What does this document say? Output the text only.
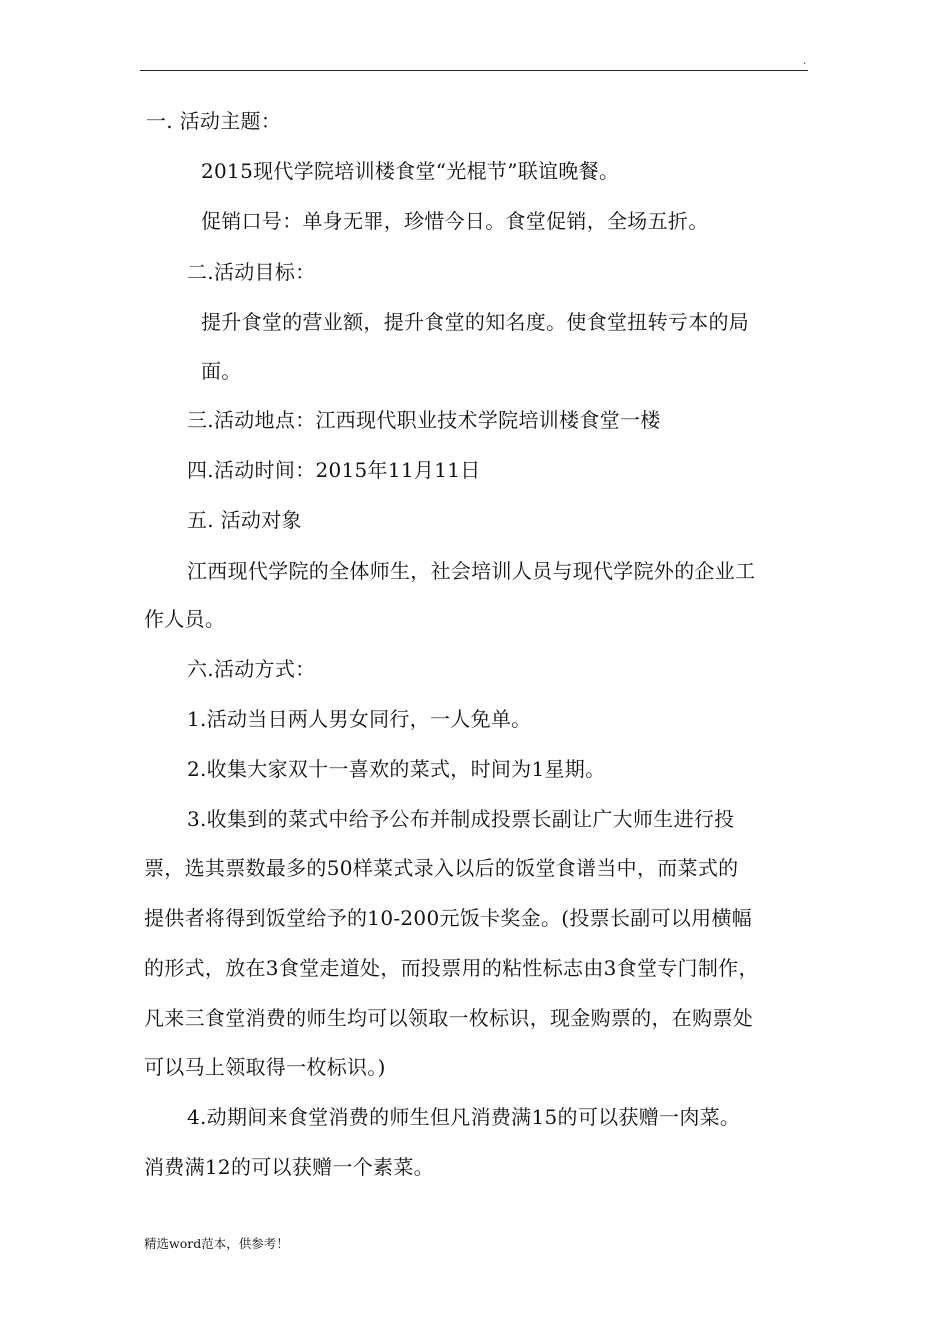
.
一. 活动主题：
2015现代学院培训楼食堂“光棍节”联谊晚餐。
促销口号：单身无罪，珍惜今日。食堂促销，全场五折。
二.活动目标：
提升食堂的营业额，提升食堂的知名度。使食堂扭转亏本的局
面。
三.活动地点：江西现代职业技术学院培训楼食堂一楼
四.活动时间：2015年11月11日
五. 活动对象
江西现代学院的全体师生，社会培训人员与现代学院外的企业工
作人员。
六.活动方式：
1.活动当日两人男女同行，一人免单。
2.收集大家双十一喜欢的菜式，时间为1星期。
3.收集到的菜式中给予公布并制成投票长副让广大师生进行投
票，选其票数最多的50样菜式录入以后的饭堂食谱当中，而菜式的
提供者将得到饭堂给予的10-200元饭卡奖金。(投票长副可以用横幅
的形式，放在3食堂走道处，而投票用的粘性标志由3食堂专门制作，
凡来三食堂消费的师生均可以领取一枚标识，现金购票的，在购票处
可以马上领取得一枚标识。)
4.动期间来食堂消费的师生但凡消费满15的可以获赠一肉菜。
消费满12的可以获赠一个素菜。
精选word范本，供参考！
